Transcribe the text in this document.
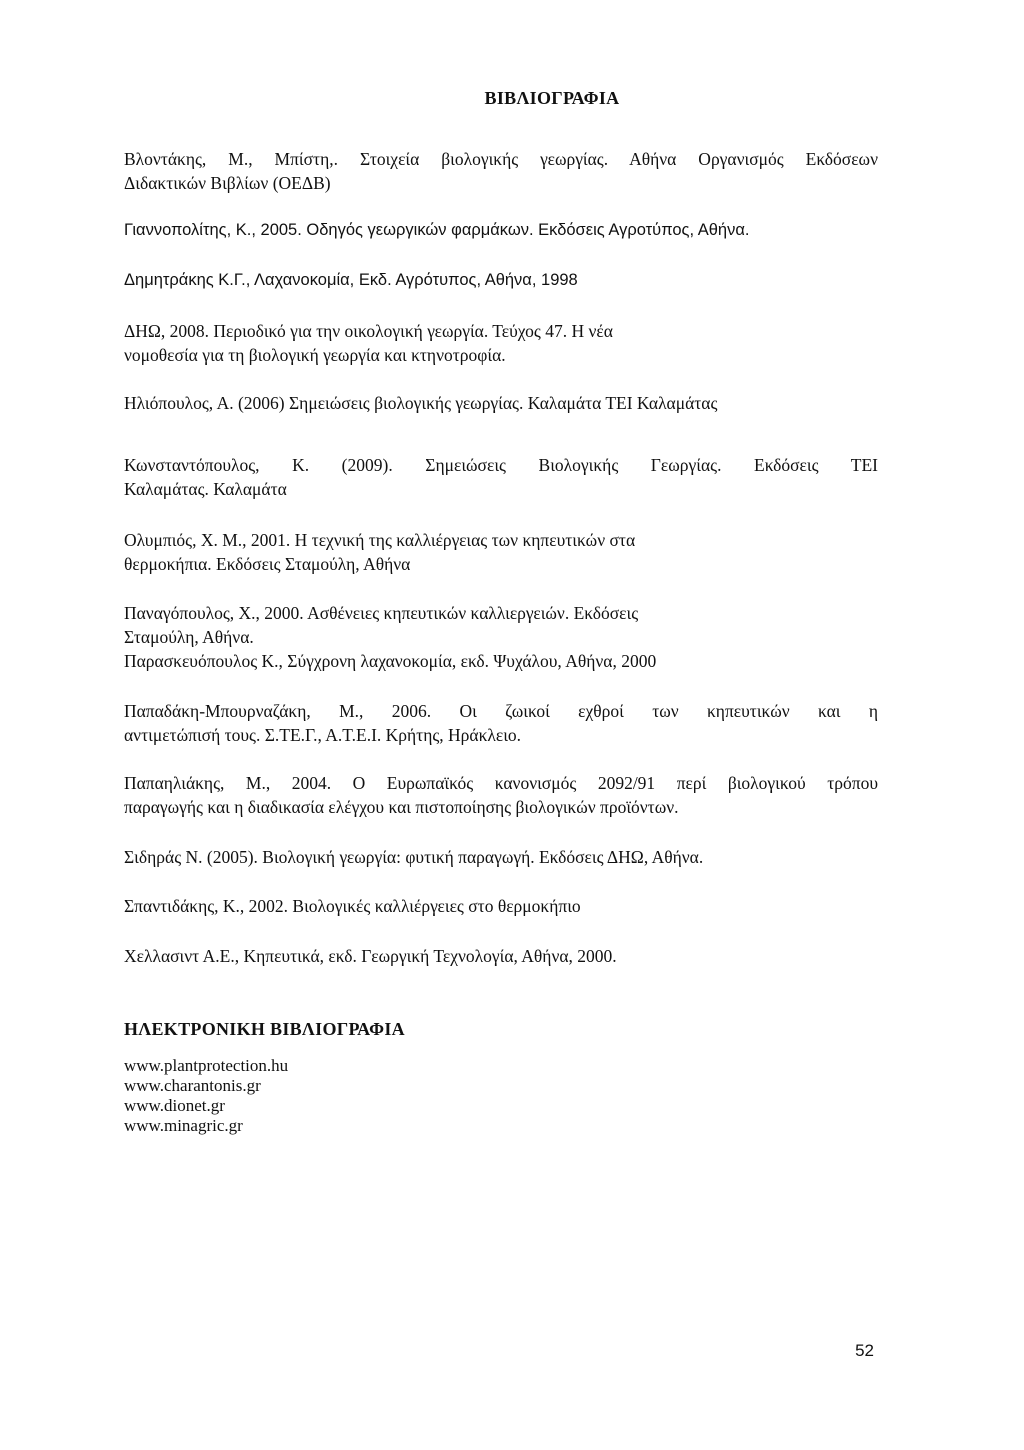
ΒΙΒΛΙΟΓΡΑΦΙΑ
Βλοντάκης, Μ., Μπίστη,. Στοιχεία βιολογικής γεωργίας. Αθήνα Οργανισμός Εκδόσεων
Διδακτικών Βιβλίων (ΟΕΔΒ)
Γιαννοπολίτης, Κ., 2005. Οδηγός γεωργικών φαρμάκων. Εκδόσεις Αγροτύπος, Αθήνα.
Δημητράκης Κ.Γ., Λαχανοκομία, Εκδ. Αγρότυπος, Αθήνα, 1998
ΔΗΩ, 2008. Περιοδικό για την οικολογική γεωργία. Τεύχος 47. Η νέα
νομοθεσία για τη βιολογική γεωργία και κτηνοτροφία.
Ηλιόπουλος, Α. (2006) Σημειώσεις βιολογικής γεωργίας. Καλαμάτα ΤΕΙ Καλαμάτας
Κωνσταντόπουλος, Κ. (2009). Σημειώσεις Βιολογικής Γεωργίας. Εκδόσεις ΤΕΙ
Καλαμάτας. Καλαμάτα
Ολυμπιός, Χ. Μ., 2001. Η τεχνική της καλλιέργειας των κηπευτικών στα
θερμοκήπια. Εκδόσεις Σταμούλη, Αθήνα
Παναγόπουλος, Χ., 2000. Ασθένειες κηπευτικών καλλιεργειών. Εκδόσεις
Σταμούλη, Αθήνα.
Παρασκευόπουλος Κ., Σύγχρονη λαχανοκομία, εκδ. Ψυχάλου, Αθήνα, 2000
Παπαδάκη-Μπουρναζάκη, Μ., 2006. Οι ζωικοί εχθροί των κηπευτικών και η
αντιμετώπισή τους. Σ.ΤΕ.Γ., Α.Τ.Ε.Ι. Κρήτης, Ηράκλειο.
Παπαηλιάκης, Μ., 2004. Ο Ευρωπαϊκός κανονισμός 2092/91 περί βιολογικού τρόπου
παραγωγής και η διαδικασία ελέγχου και πιστοποίησης βιολογικών προϊόντων.
Σιδηράς Ν. (2005). Βιολογική γεωργία: φυτική παραγωγή. Εκδόσεις ΔΗΩ, Αθήνα.
Σπαντιδάκης, Κ., 2002. Βιολογικές καλλιέργειες στο θερμοκήπιο
Χελλασιντ Α.Ε., Κηπευτικά, εκδ. Γεωργική Τεχνολογία, Αθήνα, 2000.
ΗΛΕΚΤΡΟΝΙΚΗ ΒΙΒΛΙΟΓΡΑΦΙΑ
www.plantprotection.hu
www.charantonis.gr
www.dionet.gr
www.minagric.gr
52
